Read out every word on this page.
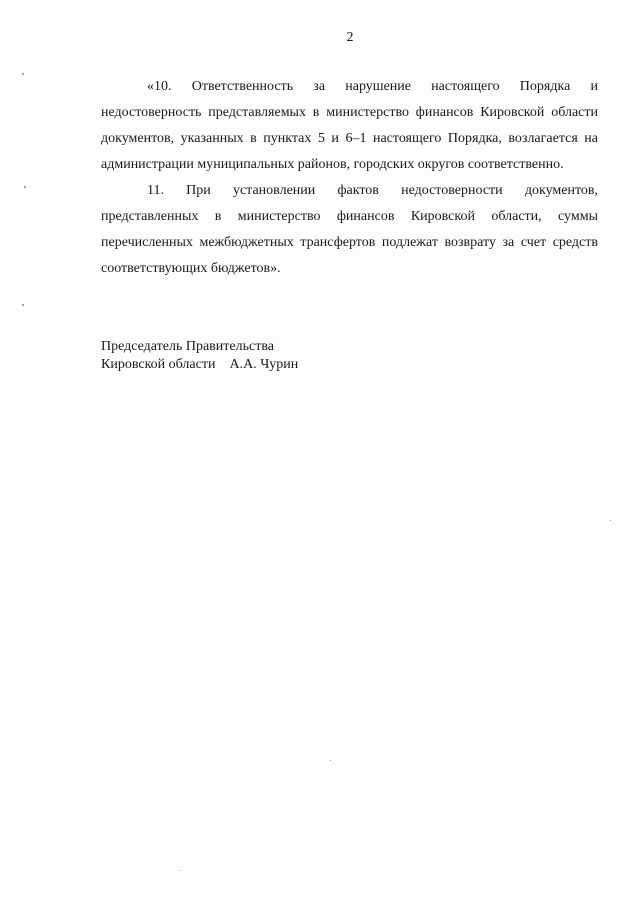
2

«10. Ответственность за нарушение настоящего Порядка и недостоверность представляемых в министерство финансов Кировской области документов, указанных в пунктах 5 и 6–1 настоящего Порядка, возлагается на администрации муниципальных районов, городских округов соответственно.

11. При установлении фактов недостоверности документов, представленных в министерство финансов Кировской области, суммы перечисленных межбюджетных трансфертов подлежат возврату за счет средств соответствующих бюджетов».

Председатель Правительства
Кировской области А.А. Чурин
